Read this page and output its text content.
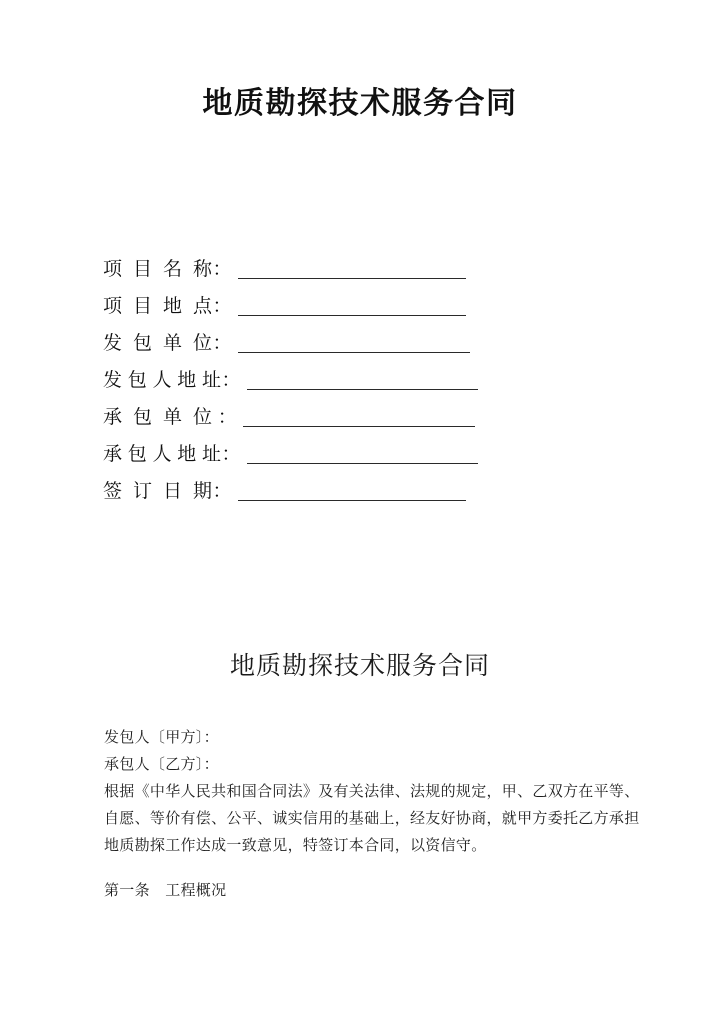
地质勘探技术服务合同
项  目  名  称：
项  目  地  点：
发  包  单  位：
发 包 人 地 址：
承  包  单  位 ：
承 包 人 地 址：
签  订  日  期：
地质勘探技术服务合同
发包人〔甲方〕：
承包人〔乙方〕：
根据《中华人民共和国合同法》及有关法律、法规的规定，甲、乙双方在平等、
自愿、等价有偿、公平、诚实信用的基础上，经友好协商，就甲方委托乙方承担
地质勘探工作达成一致意见，特签订本合同，以资信守。
第一条　工程概况
